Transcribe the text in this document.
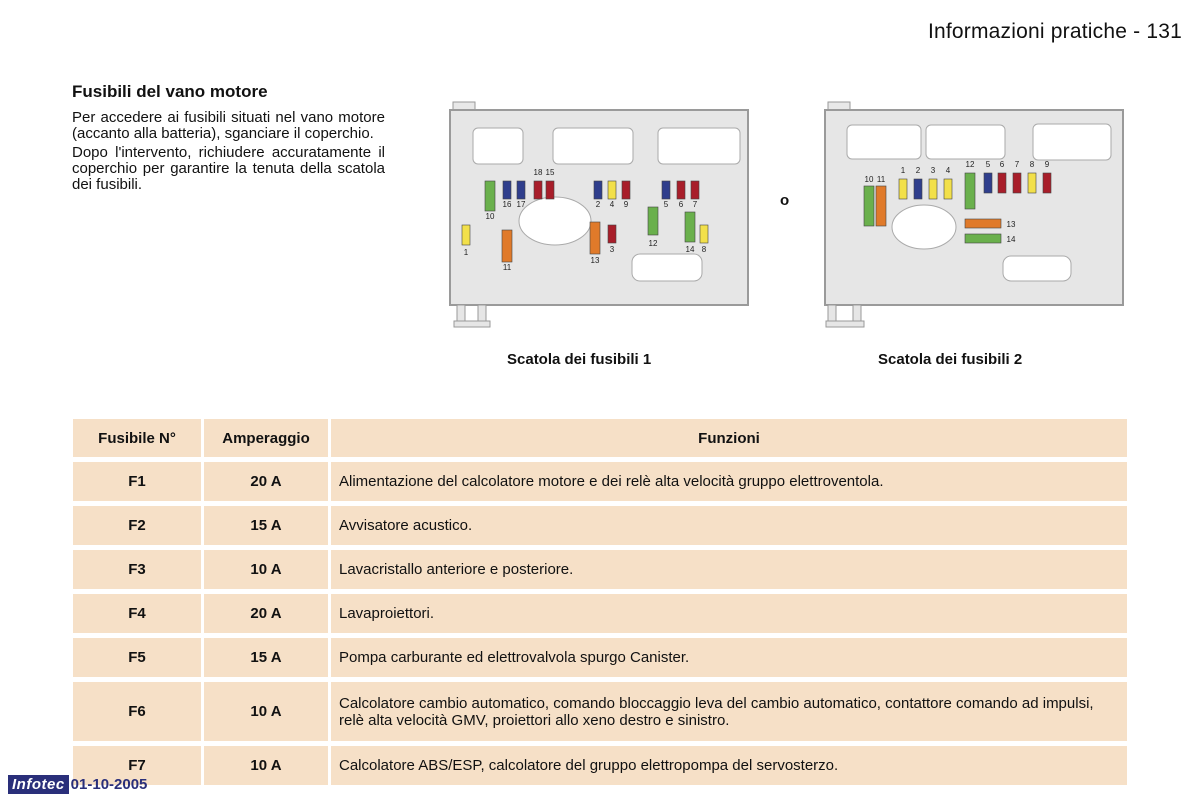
Informazioni pratiche - 131
Fusibili del vano motore

Per accedere ai fusibili situati nel vano motore (accanto alla batteria), sganciare il coperchio.

Dopo l'intervento, richiudere accuratamente il coperchio per garantire la tenuta della scatola dei fusibili.

1
2
3
4	5 6 7
8
9
10
11
12
13
14
15
16 17
18
o
1 2 3 4
5 6 7 8 9
10 11
12
13
14
Scatola dei fusibili 1	Scatola dei fusibili 2
Fusibile N°	Amperaggio	Funzioni
F1	20 A	Alimentazione del calcolatore motore e dei relè alta velocità gruppo elettroventola.
F2	15 A	Avvisatore acustico.
F3	10 A	Lavacristallo anteriore e posteriore.
F4	20 A	Lavaproiettori.
F5	15 A	Pompa carburante ed elettrovalvola spurgo Canister.
F6	10 A	Calcolatore cambio automatico, comando bloccaggio leva del cambio automatico, contattore comando ad impulsi, relè alta velocità GMV, proiettori allo xeno destro e sinistro.
F7	10 A	Calcolatore ABS/ESP, calcolatore del gruppo elettropompa del servosterzo.
Infotec 01-10-2005
